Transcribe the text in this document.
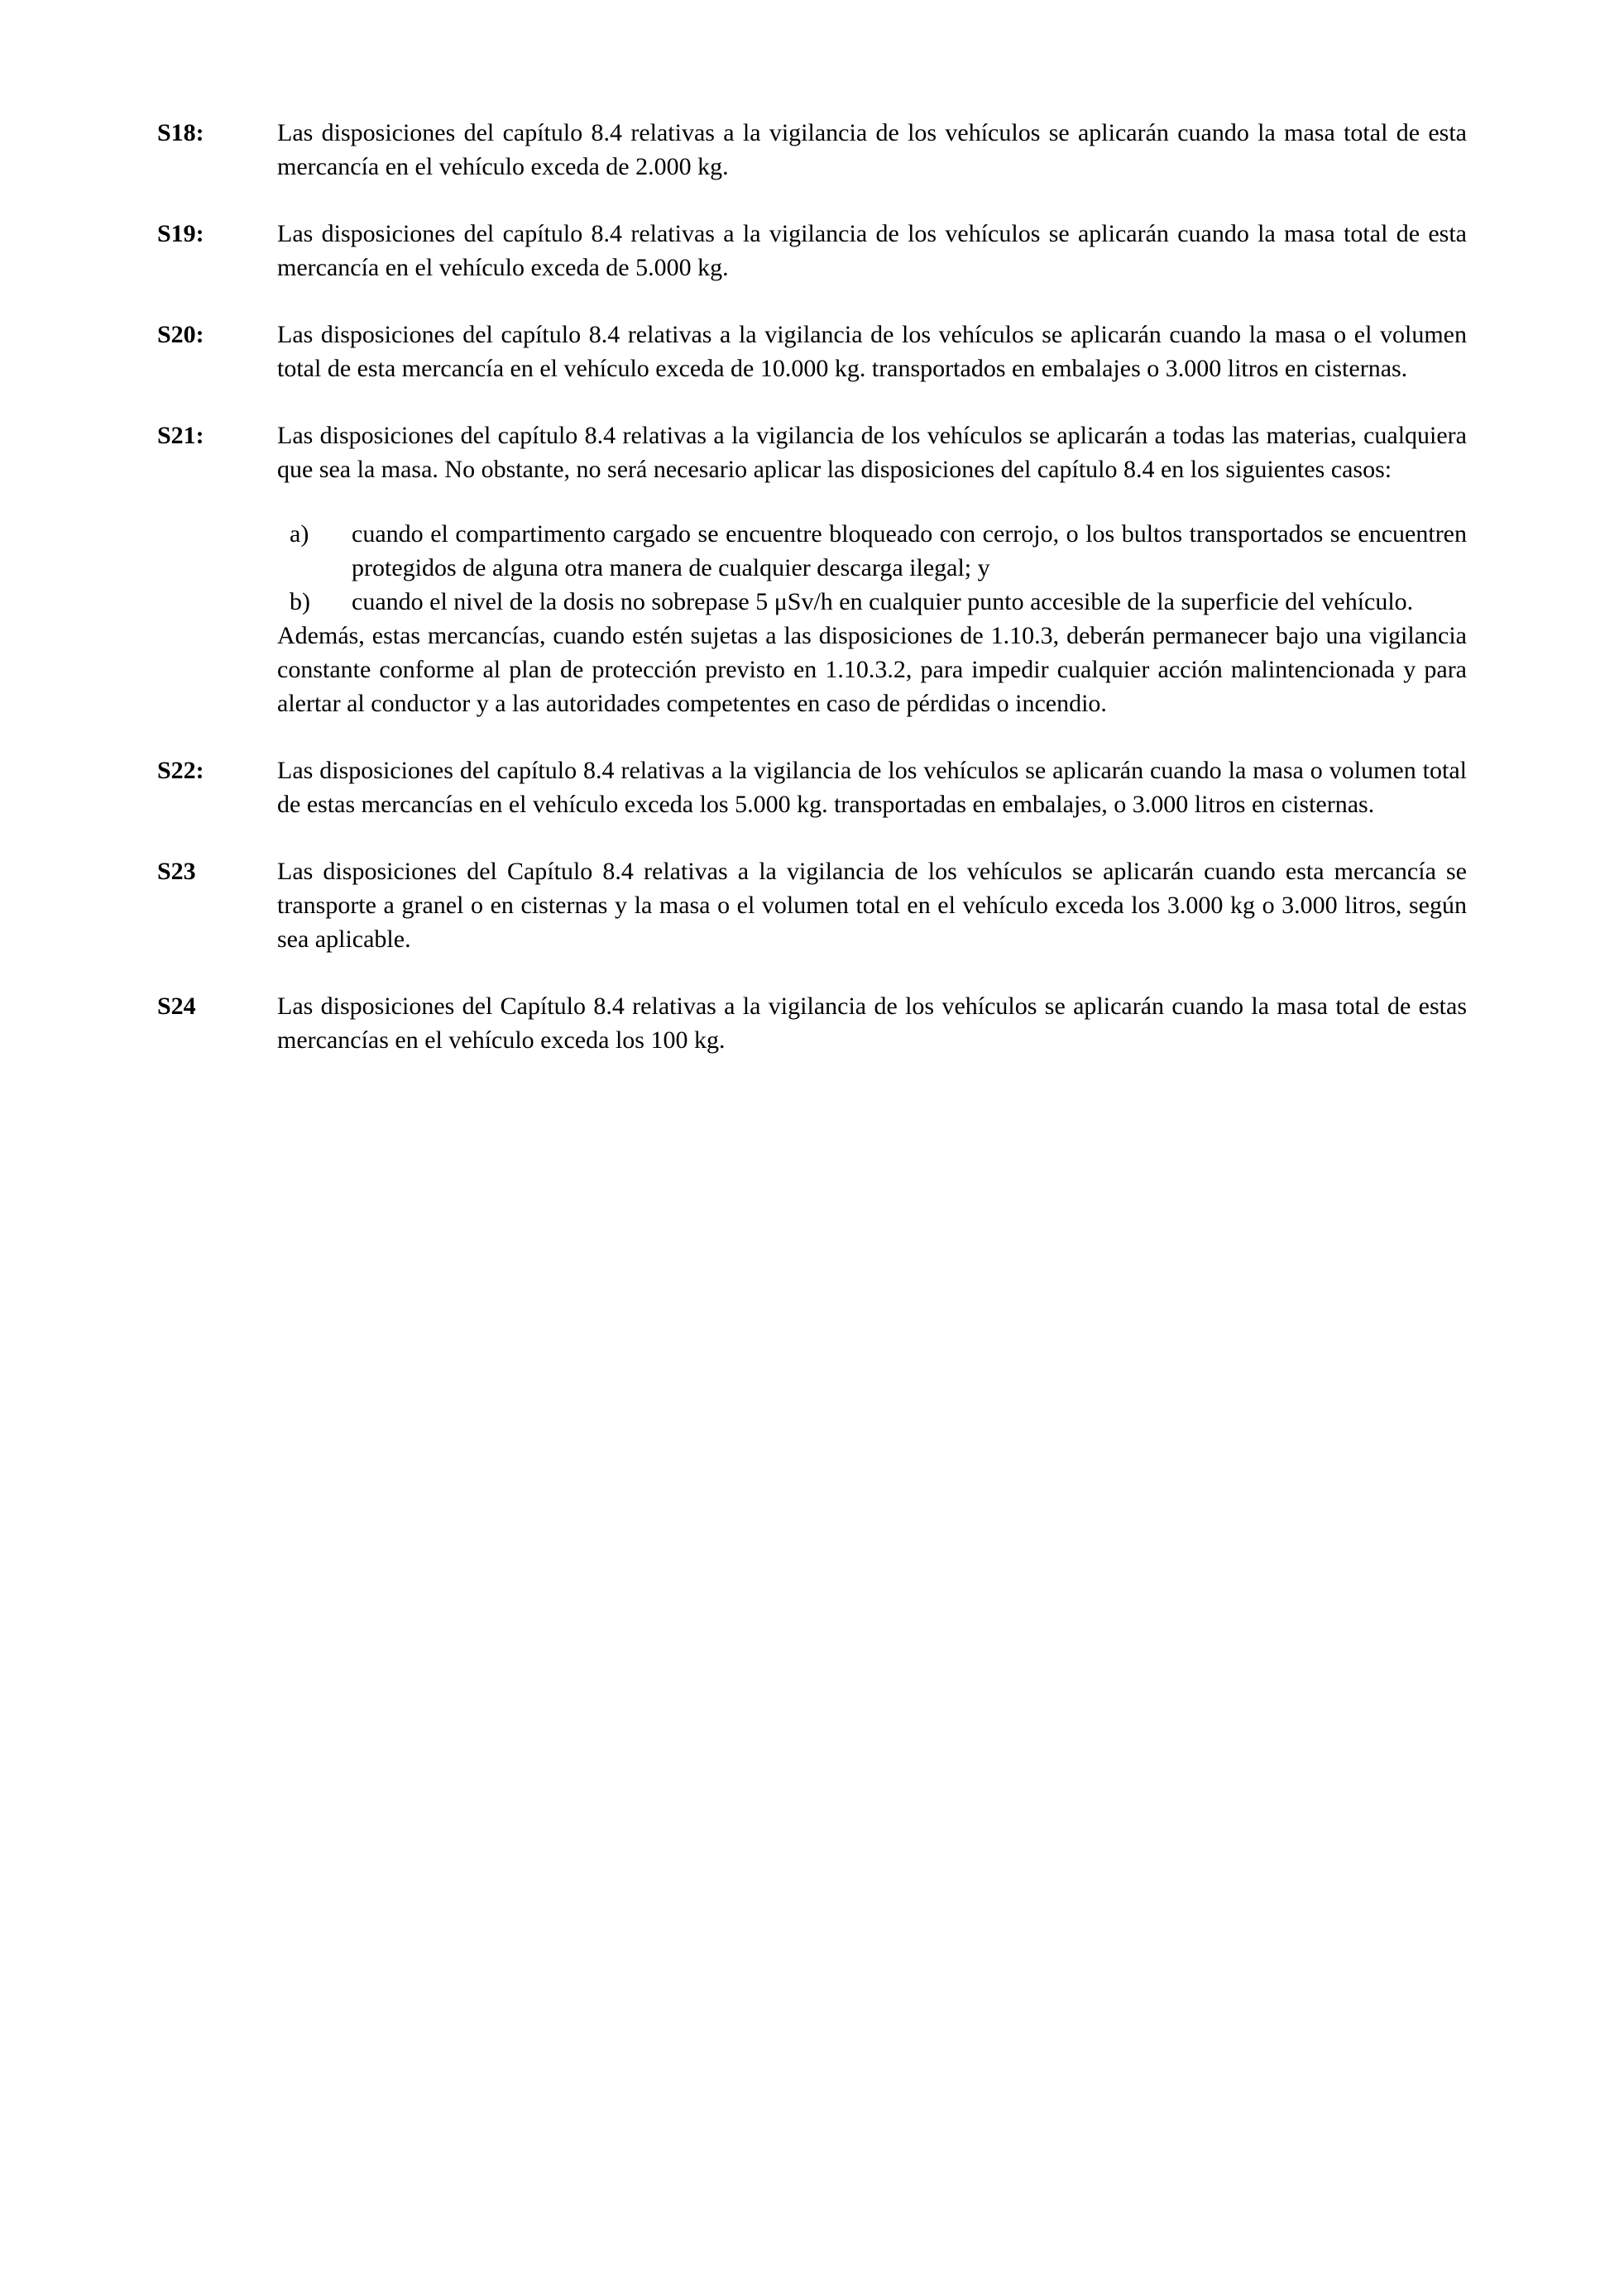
S18:	Las disposiciones del capítulo 8.4 relativas a la vigilancia de los vehículos se aplicarán cuando la masa total de esta mercancía en el vehículo exceda de 2.000 kg.

S19:	Las disposiciones del capítulo 8.4 relativas a la vigilancia de los vehículos se aplicarán cuando la masa total de esta mercancía en el vehículo exceda de 5.000 kg.

S20:	Las disposiciones del capítulo 8.4 relativas a la vigilancia de los vehículos se aplicarán cuando la masa o el volumen total de esta mercancía en el vehículo exceda de 10.000 kg. transportados en embalajes o 3.000 litros en cisternas.

S21:	Las disposiciones del capítulo 8.4 relativas a la vigilancia de los vehículos se aplicarán a todas las materias, cualquiera que sea la masa. No obstante, no será necesario aplicar las disposiciones del capítulo 8.4 en los siguientes casos:

a) cuando el compartimento cargado se encuentre bloqueado con cerrojo, o los bultos transportados se encuentren protegidos de alguna otra manera de cualquier descarga ilegal; y
b) cuando el nivel de la dosis no sobrepase 5 μSv/h en cualquier punto accesible de la superficie del vehículo.

Además, estas mercancías, cuando estén sujetas a las disposiciones de 1.10.3, deberán permanecer bajo una vigilancia constante conforme al plan de protección previsto en 1.10.3.2, para impedir cualquier acción malintencionada y para alertar al conductor y a las autoridades competentes en caso de pérdidas o incendio.

S22:	Las disposiciones del capítulo 8.4 relativas a la vigilancia de los vehículos se aplicarán cuando la masa o volumen total de estas mercancías en el vehículo exceda los 5.000 kg. transportadas en embalajes, o 3.000 litros en cisternas.

S23	Las disposiciones del Capítulo 8.4 relativas a la vigilancia de los vehículos se aplicarán cuando esta mercancía se transporte a granel o en cisternas y la masa o el volumen total en el vehículo exceda los 3.000 kg o 3.000 litros, según sea aplicable.

S24	Las disposiciones del Capítulo 8.4 relativas a la vigilancia de los vehículos se aplicarán cuando la masa total de estas mercancías en el vehículo exceda los 100 kg.
